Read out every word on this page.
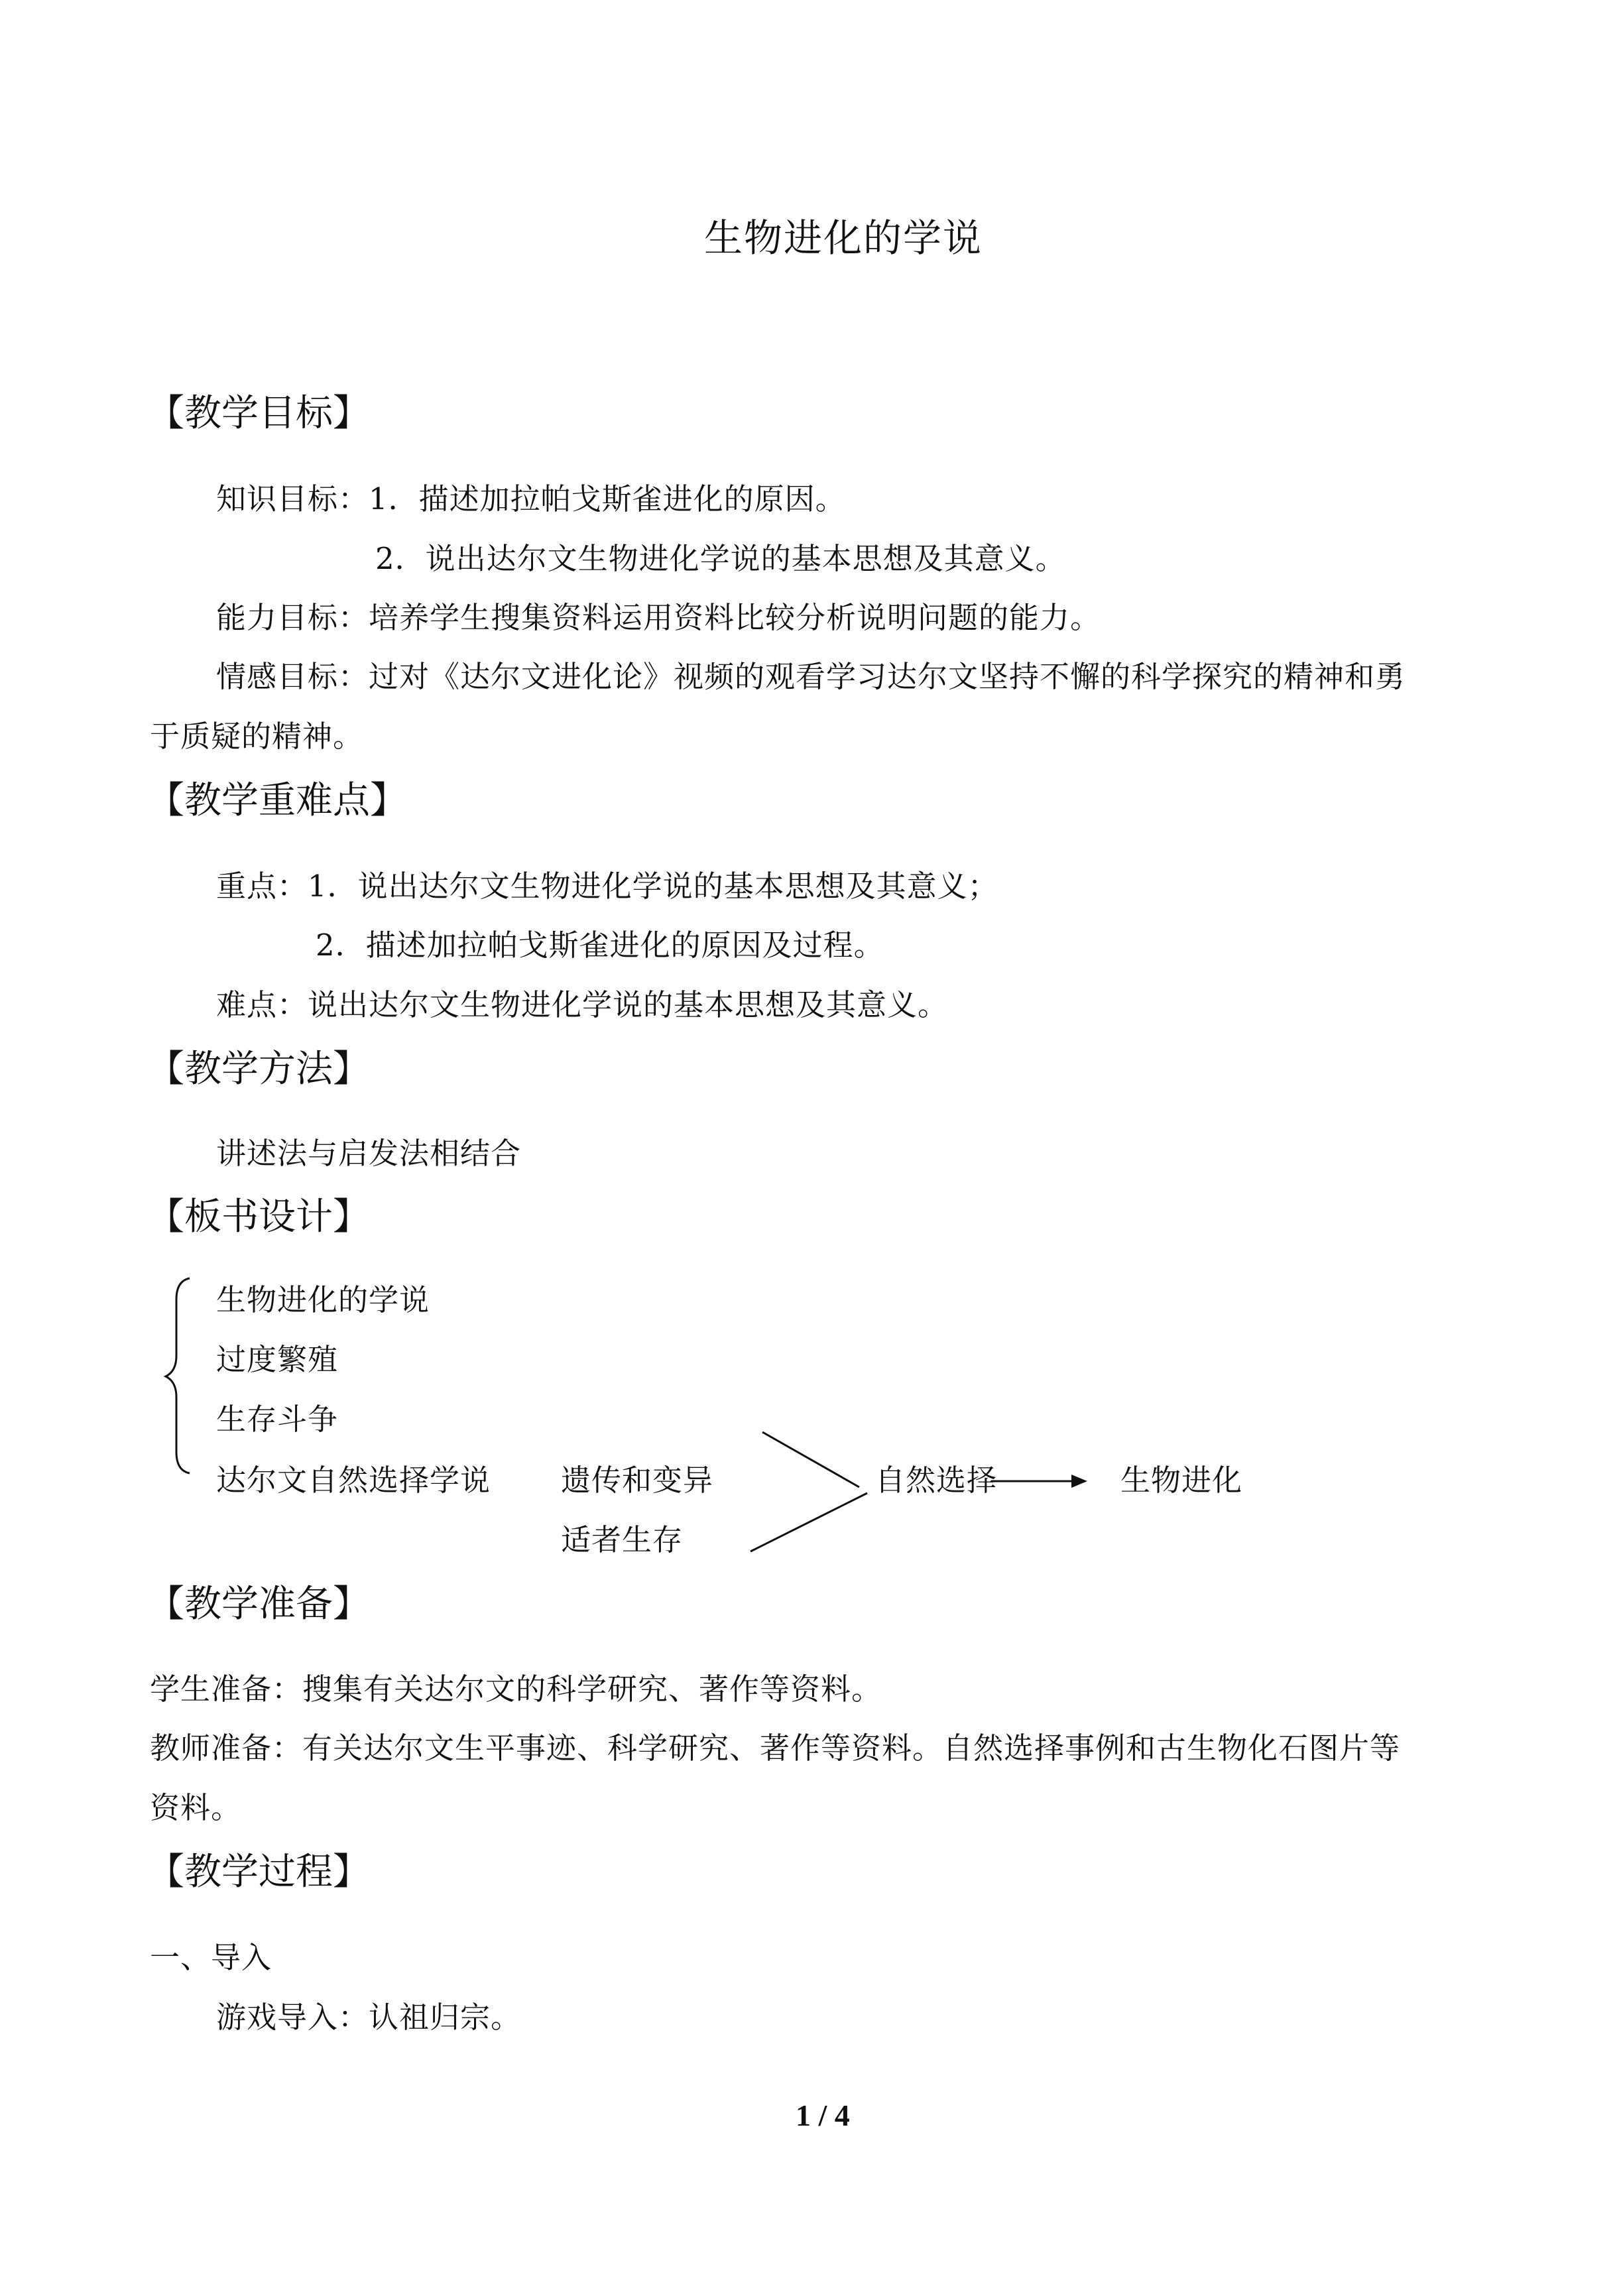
生物进化的学说
【教学目标】
知识目标：1．描述加拉帕戈斯雀进化的原因。
2．说出达尔文生物进化学说的基本思想及其意义。
能力目标：培养学生搜集资料运用资料比较分析说明问题的能力。
情感目标：过对《达尔文进化论》视频的观看学习达尔文坚持不懈的科学探究的精神和勇
于质疑的精神。
【教学重难点】
重点：1．说出达尔文生物进化学说的基本思想及其意义；
2．描述加拉帕戈斯雀进化的原因及过程。
难点：说出达尔文生物进化学说的基本思想及其意义。
【教学方法】
讲述法与启发法相结合
【板书设计】
生物进化的学说
过度繁殖
生存斗争
达尔文自然选择学说 遗传和变异
适者生存
自然选择	生物进化
【教学准备】
学生准备：搜集有关达尔文的科学研究、著作等资料。
教师准备：有关达尔文生平事迹、科学研究、著作等资料。自然选择事例和古生物化石图片等
资料。
【教学过程】
一、导入
游戏导入：认祖归宗。
1 / 4
